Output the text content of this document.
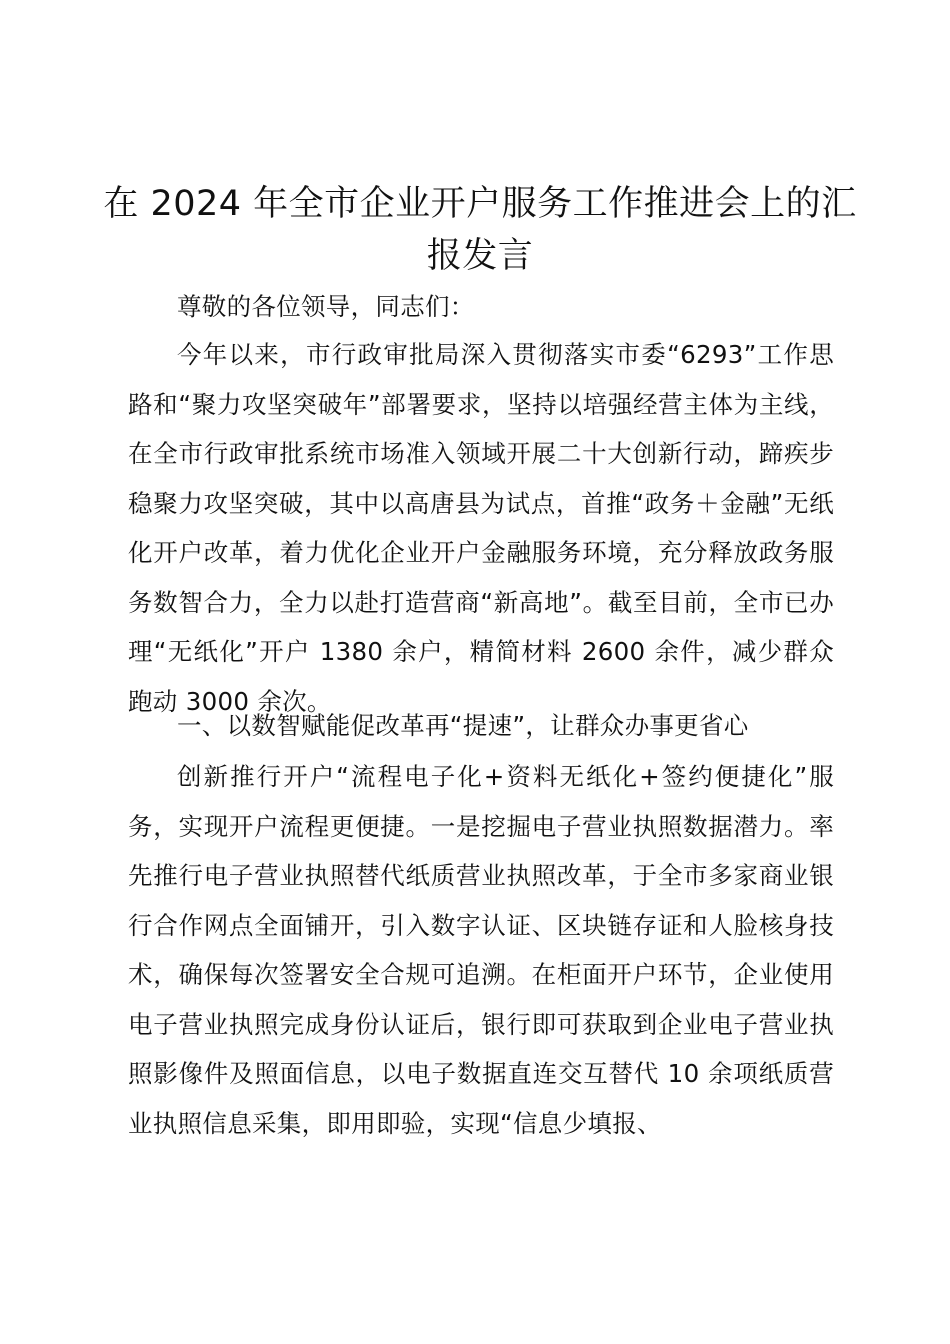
在 2024 年全市企业开户服务工作推进会上的汇报发言

尊敬的各位领导，同志们：

今年以来，市行政审批局深入贯彻落实市委“6293”工作思路和“聚力攻坚突破年”部署要求，坚持以培强经营主体为主线，在全市行政审批系统市场准入领域开展二十大创新行动，蹄疾步稳聚力攻坚突破，其中以高唐县为试点，首推“政务＋金融”无纸化开户改革，着力优化企业开户金融服务环境，充分释放政务服务数智合力，全力以赴打造营商“新高地”。截至目前，全市已办理“无纸化”开户 1380 余户，精简材料 2600 余件，减少群众跑动 3000 余次。

一、以数智赋能促改革再“提速”，让群众办事更省心

创新推行开户“流程电子化+资料无纸化+签约便捷化”服务，实现开户流程更便捷。一是挖掘电子营业执照数据潜力。率先推行电子营业执照替代纸质营业执照改革，于全市多家商业银行合作网点全面铺开，引入数字认证、区块链存证和人脸核身技术，确保每次签署安全合规可追溯。在柜面开户环节，企业使用电子营业执照完成身份认证后，银行即可获取到企业电子营业执照影像件及照面信息，以电子数据直连交互替代 10 余项纸质营业执照信息采集，即用即验，实现“信息少填报、
